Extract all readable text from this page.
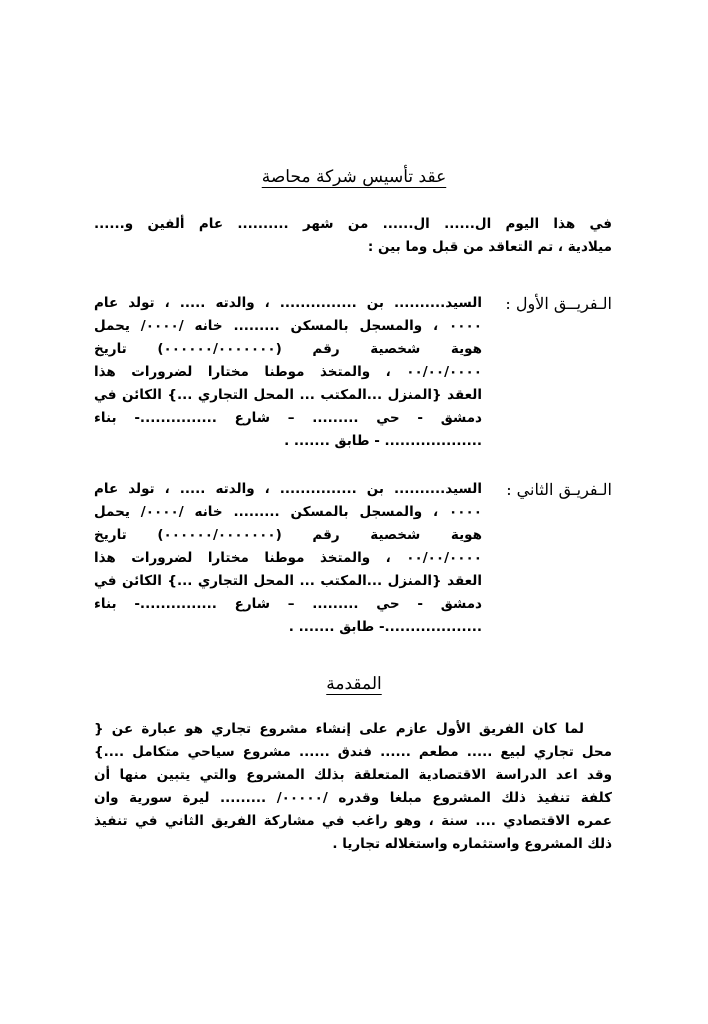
عقد تأسيس شركة محاصة
في هذا اليوم ال...... ال...... من شهر .......... عام ألفين و......
ميلادية ، تم التعاقد من قبل وما بين :
الـفريــق الأول :
السيد.......... بن ............... ، والدته ..... ، تولد عام
٠٠٠٠ ، والمسجل بالمسكن ......... خانه /٠٠٠٠/ يحمل
هوية شخصية رقم (٠٠٠٠٠٠/٠٠٠٠٠٠٠) تاريخ
٠٠/٠٠/٠٠٠٠ ، والمتخذ موطنا مختارا لضرورات هذا
العقد {المنزل ...المكتب ... المحل التجاري ...} الكائن في
دمشق - حي ......... – شارع ...............- بناء
................... - طابق ....... .
الـفريـق الثاني :
السيد.......... بن ............... ، والدته ..... ، تولد عام
٠٠٠٠ ، والمسجل بالمسكن ......... خانه /٠٠٠٠/ يحمل
هوية شخصية رقم (٠٠٠٠٠٠/٠٠٠٠٠٠٠) تاريخ
٠٠/٠٠/٠٠٠٠ ، والمتخذ موطنا مختارا لضرورات هذا
العقد {المنزل ...المكتب ... المحل التجاري ...} الكائن في
دمشق - حي ......... – شارع ...............- بناء
...................- طابق ....... .
المقدمة
لما كان الفريق الأول عازم على إنشاء مشروع تجاري هو عبارة عن {
محل تجاري لبيع ..... مطعم ...... فندق ...... مشروع سياحي متكامل ....}
وقد اعد الدراسة الاقتصادية المتعلقة بذلك المشروع والتي يتبين منها أن
كلفة تنفيذ ذلك المشروع مبلغا وقدره /٠٠٠٠٠/ ......... ليرة سورية وان
عمره الاقتصادي .... سنة ، وهو راغب في مشاركة الفريق الثاني في تنفيذ
ذلك المشروع واستثماره واستغلاله تجاريا .
